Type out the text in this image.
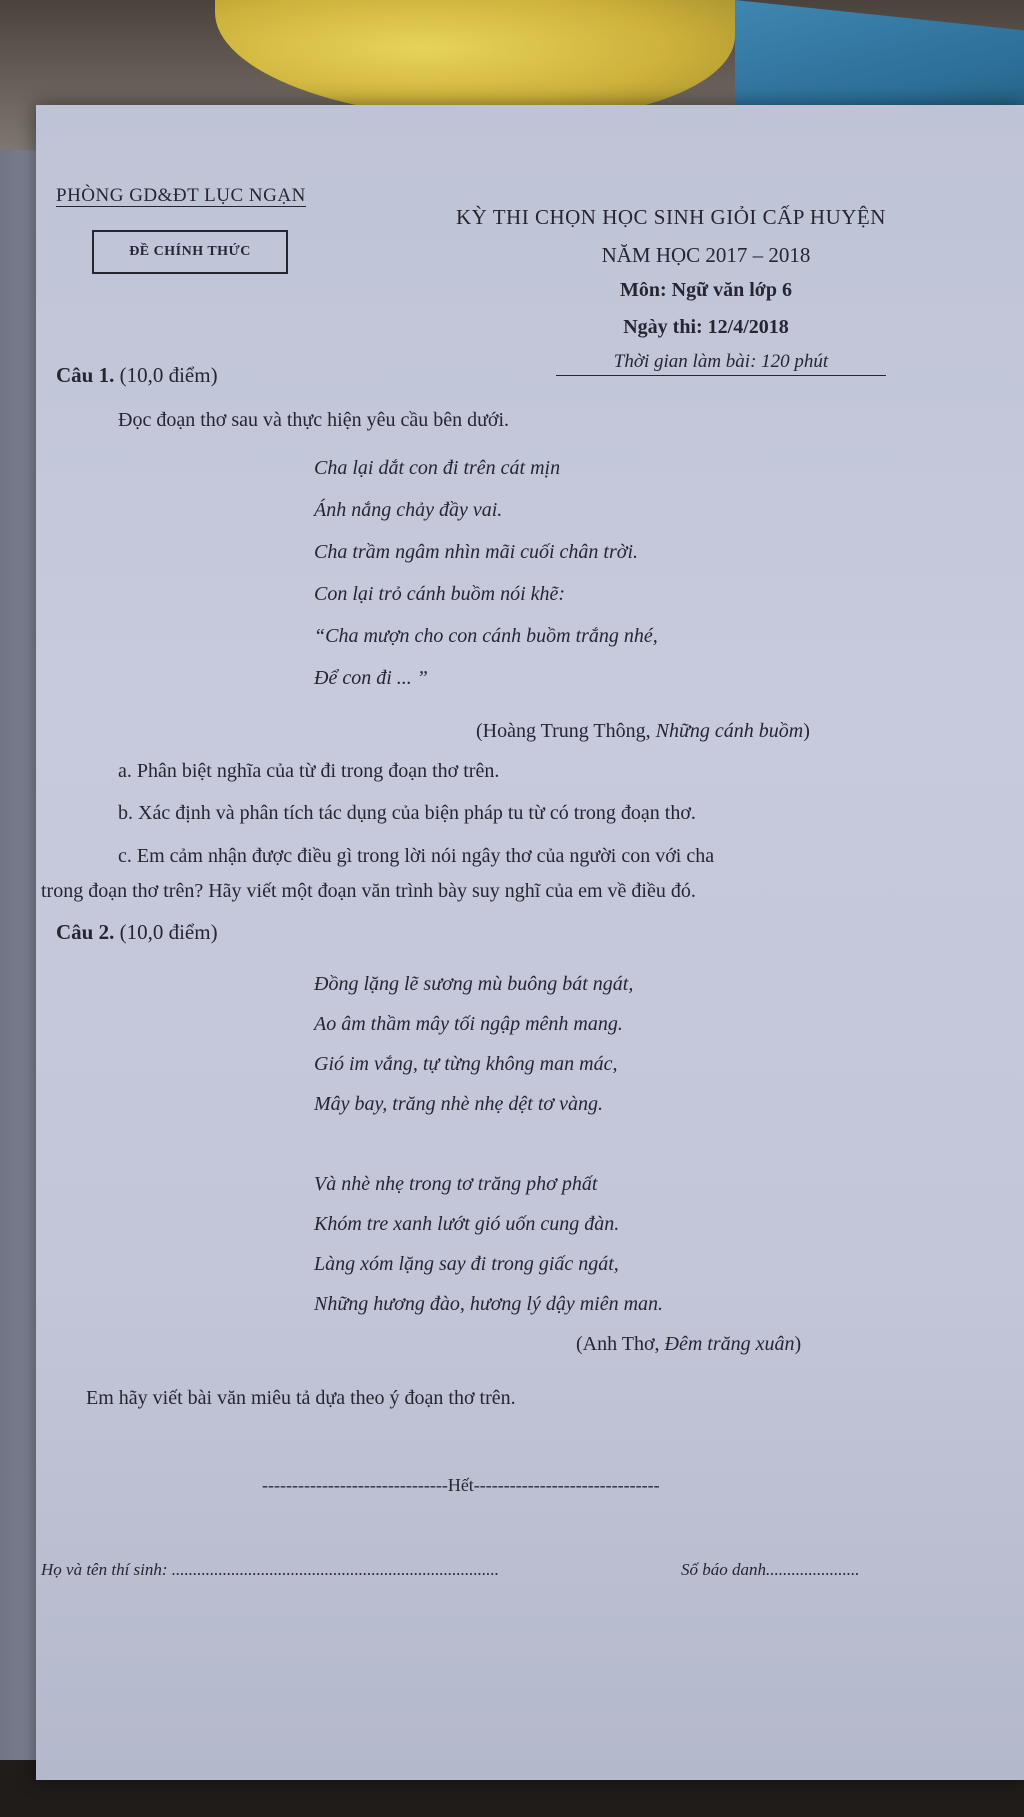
PHÒNG GD&ĐT LỤC NGẠN
ĐỀ CHÍNH THỨC
KỲ THI CHỌN HỌC SINH GIỎI CẤP HUYỆN
NĂM HỌC 2017 – 2018
Môn: Ngữ văn lớp 6
Ngày thi: 12/4/2018
Thời gian làm bài: 120 phút
Câu 1. (10,0 điểm)
Đọc đoạn thơ sau và thực hiện yêu cầu bên dưới.
Cha lại dắt con đi trên cát mịn
Ánh nắng chảy đầy vai.
Cha trầm ngâm nhìn mãi cuối chân trời.
Con lại trỏ cánh buồm nói khẽ:
“Cha mượn cho con cánh buồm trắng nhé,
Để con đi ... ”
(Hoàng Trung Thông, Những cánh buồm)
a. Phân biệt nghĩa của từ đi trong đoạn thơ trên.
b. Xác định và phân tích tác dụng của biện pháp tu từ có trong đoạn thơ.
c. Em cảm nhận được điều gì trong lời nói ngây thơ của người con với cha
trong đoạn thơ trên? Hãy viết một đoạn văn trình bày suy nghĩ của em về điều đó.
Câu 2. (10,0 điểm)
Đồng lặng lẽ sương mù buông bát ngát,
Ao âm thầm mây tối ngập mênh mang.
Gió im vắng, tự từng không man mác,
Mây bay, trăng nhè nhẹ dệt tơ vàng.
Và nhè nhẹ trong tơ trăng phơ phất
Khóm tre xanh lướt gió uốn cung đàn.
Làng xóm lặng say đi trong giấc ngát,
Những hương đào, hương lý dậy miên man.
(Anh Thơ, Đêm trăng xuân)
Em hãy viết bài văn miêu tả dựa theo ý đoạn thơ trên.
-------------------------------Hết-------------------------------
Họ và tên thí sinh: .............................................................................	Số báo danh......................
